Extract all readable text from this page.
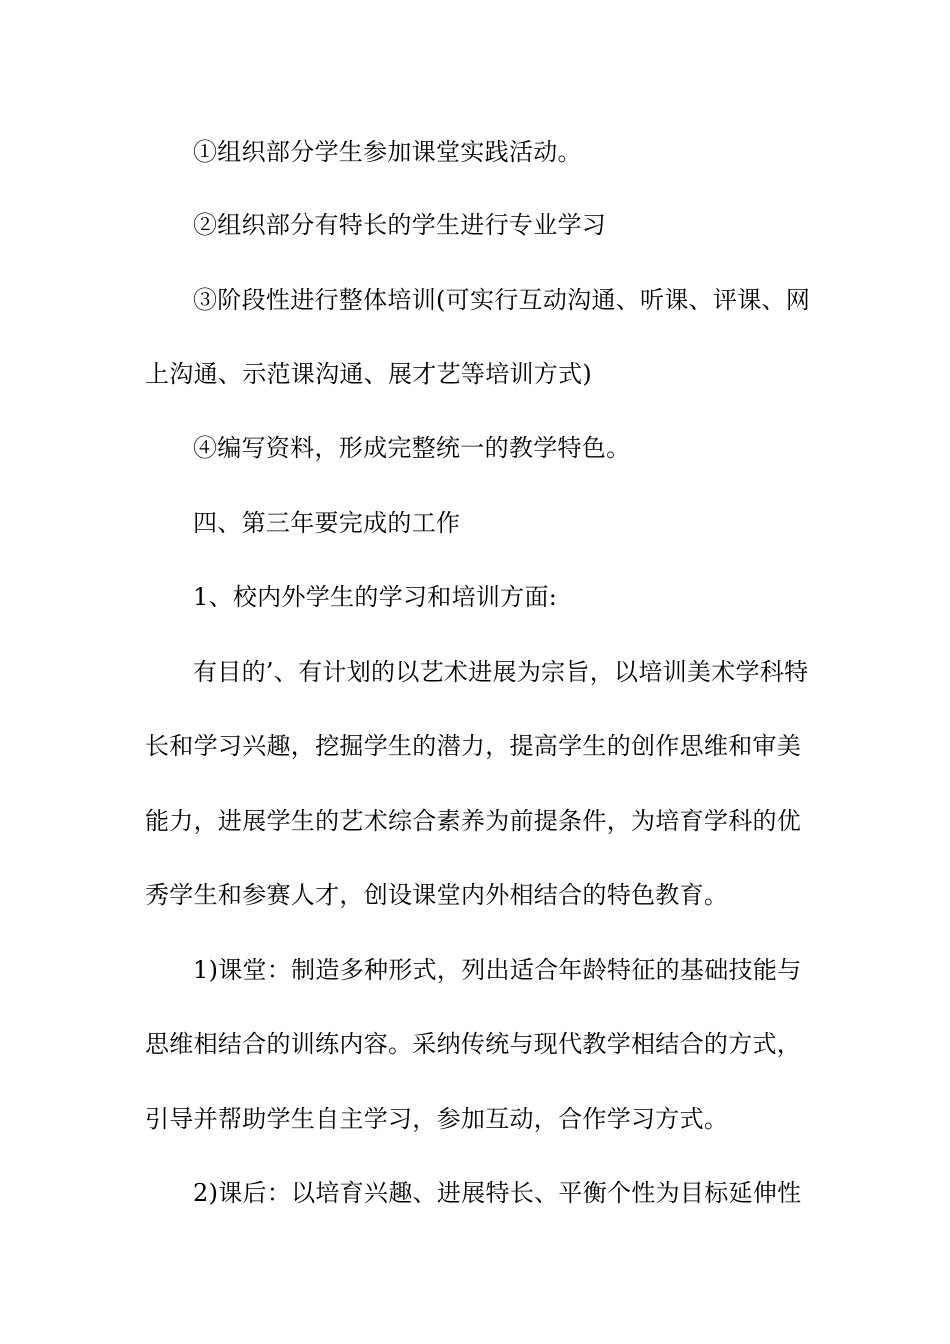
①组织部分学生参加课堂实践活动。
②组织部分有特长的学生进行专业学习
③阶段性进行整体培训(可实行互动沟通、听课、评课、网
上沟通、示范课沟通、展才艺等培训方式)
④编写资料，形成完整统一的教学特色。
四、第三年要完成的工作
1、校内外学生的学习和培训方面:
有目的’、有计划的以艺术进展为宗旨，以培训美术学科特
长和学习兴趣，挖掘学生的潜力，提高学生的创作思维和审美
能力，进展学生的艺术综合素养为前提条件，为培育学科的优
秀学生和参赛人才，创设课堂内外相结合的特色教育。
1)课堂：制造多种形式，列出适合年龄特征的基础技能与
思维相结合的训练内容。采纳传统与现代教学相结合的方式，
引导并帮助学生自主学习，参加互动，合作学习方式。
2)课后：以培育兴趣、进展特长、平衡个性为目标延伸性
